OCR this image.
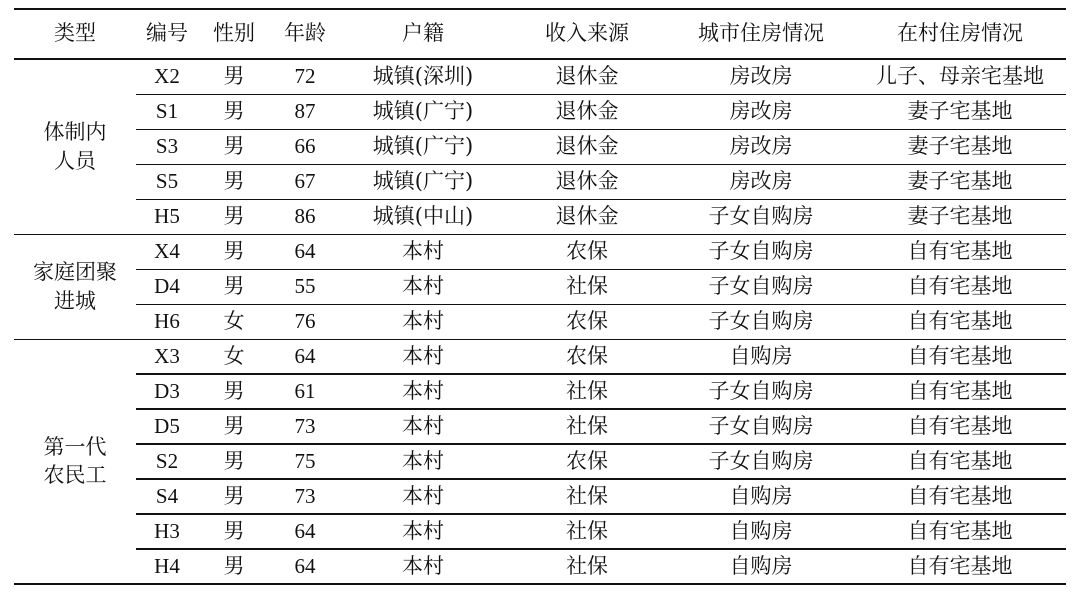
类型	编号	性别	年龄	户籍	收入来源	城市住房情况	在村住房情况

体制内
人员	X2	男	72	城镇(深圳)	退休金	房改房	儿子、母亲宅基地
	S1	男	87	城镇(广宁)	退休金	房改房	妻子宅基地
	S3	男	66	城镇(广宁)	退休金	房改房	妻子宅基地
	S5	男	67	城镇(广宁)	退休金	房改房	妻子宅基地
	H5	男	86	城镇(中山)	退休金	子女自购房	妻子宅基地

家庭团聚
进城	X4	男	64	本村	农保	子女自购房	自有宅基地
	D4	男	55	本村	社保	子女自购房	自有宅基地
	H6	女	76	本村	农保	子女自购房	自有宅基地

第一代
农民工	X3	女	64	本村	农保	自购房	自有宅基地
	D3	男	61	本村	社保	子女自购房	自有宅基地
	D5	男	73	本村	社保	子女自购房	自有宅基地
	S2	男	75	本村	农保	子女自购房	自有宅基地
	S4	男	73	本村	社保	自购房	自有宅基地
	H3	男	64	本村	社保	自购房	自有宅基地
	H4	男	64	本村	社保	自购房	自有宅基地
